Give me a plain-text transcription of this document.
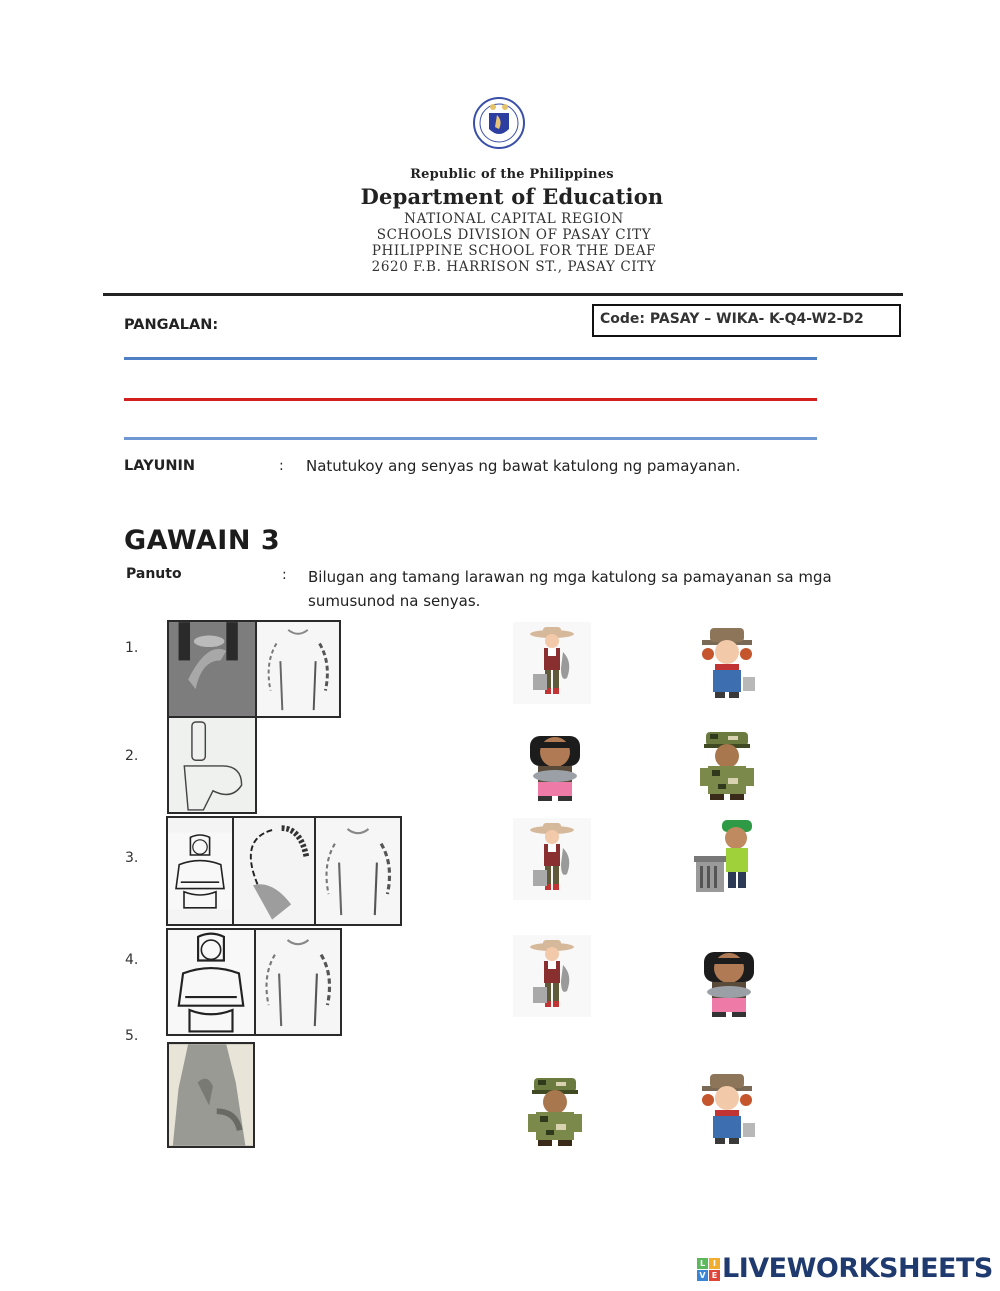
Republic of the Philippines
Department of Education
NATIONAL CAPITAL REGION
SCHOOLS DIVISION OF PASAY CITY
PHILIPPINE SCHOOL FOR THE DEAF
2620 F.B. HARRISON ST., PASAY CITY
Code: PASAY – WIKA- K-Q4-W2-D2
PANGALAN:
LAYUNIN	: Natutukoy ang senyas ng bawat katulong ng pamayanan.
GAWAIN 3
Panuto	: Bilugan ang tamang larawan ng mga katulong sa pamayanan sa mga sumusunod na senyas.
1.
2.
3.
4.
5.
L I
V E LIVEWORKSHEETS
